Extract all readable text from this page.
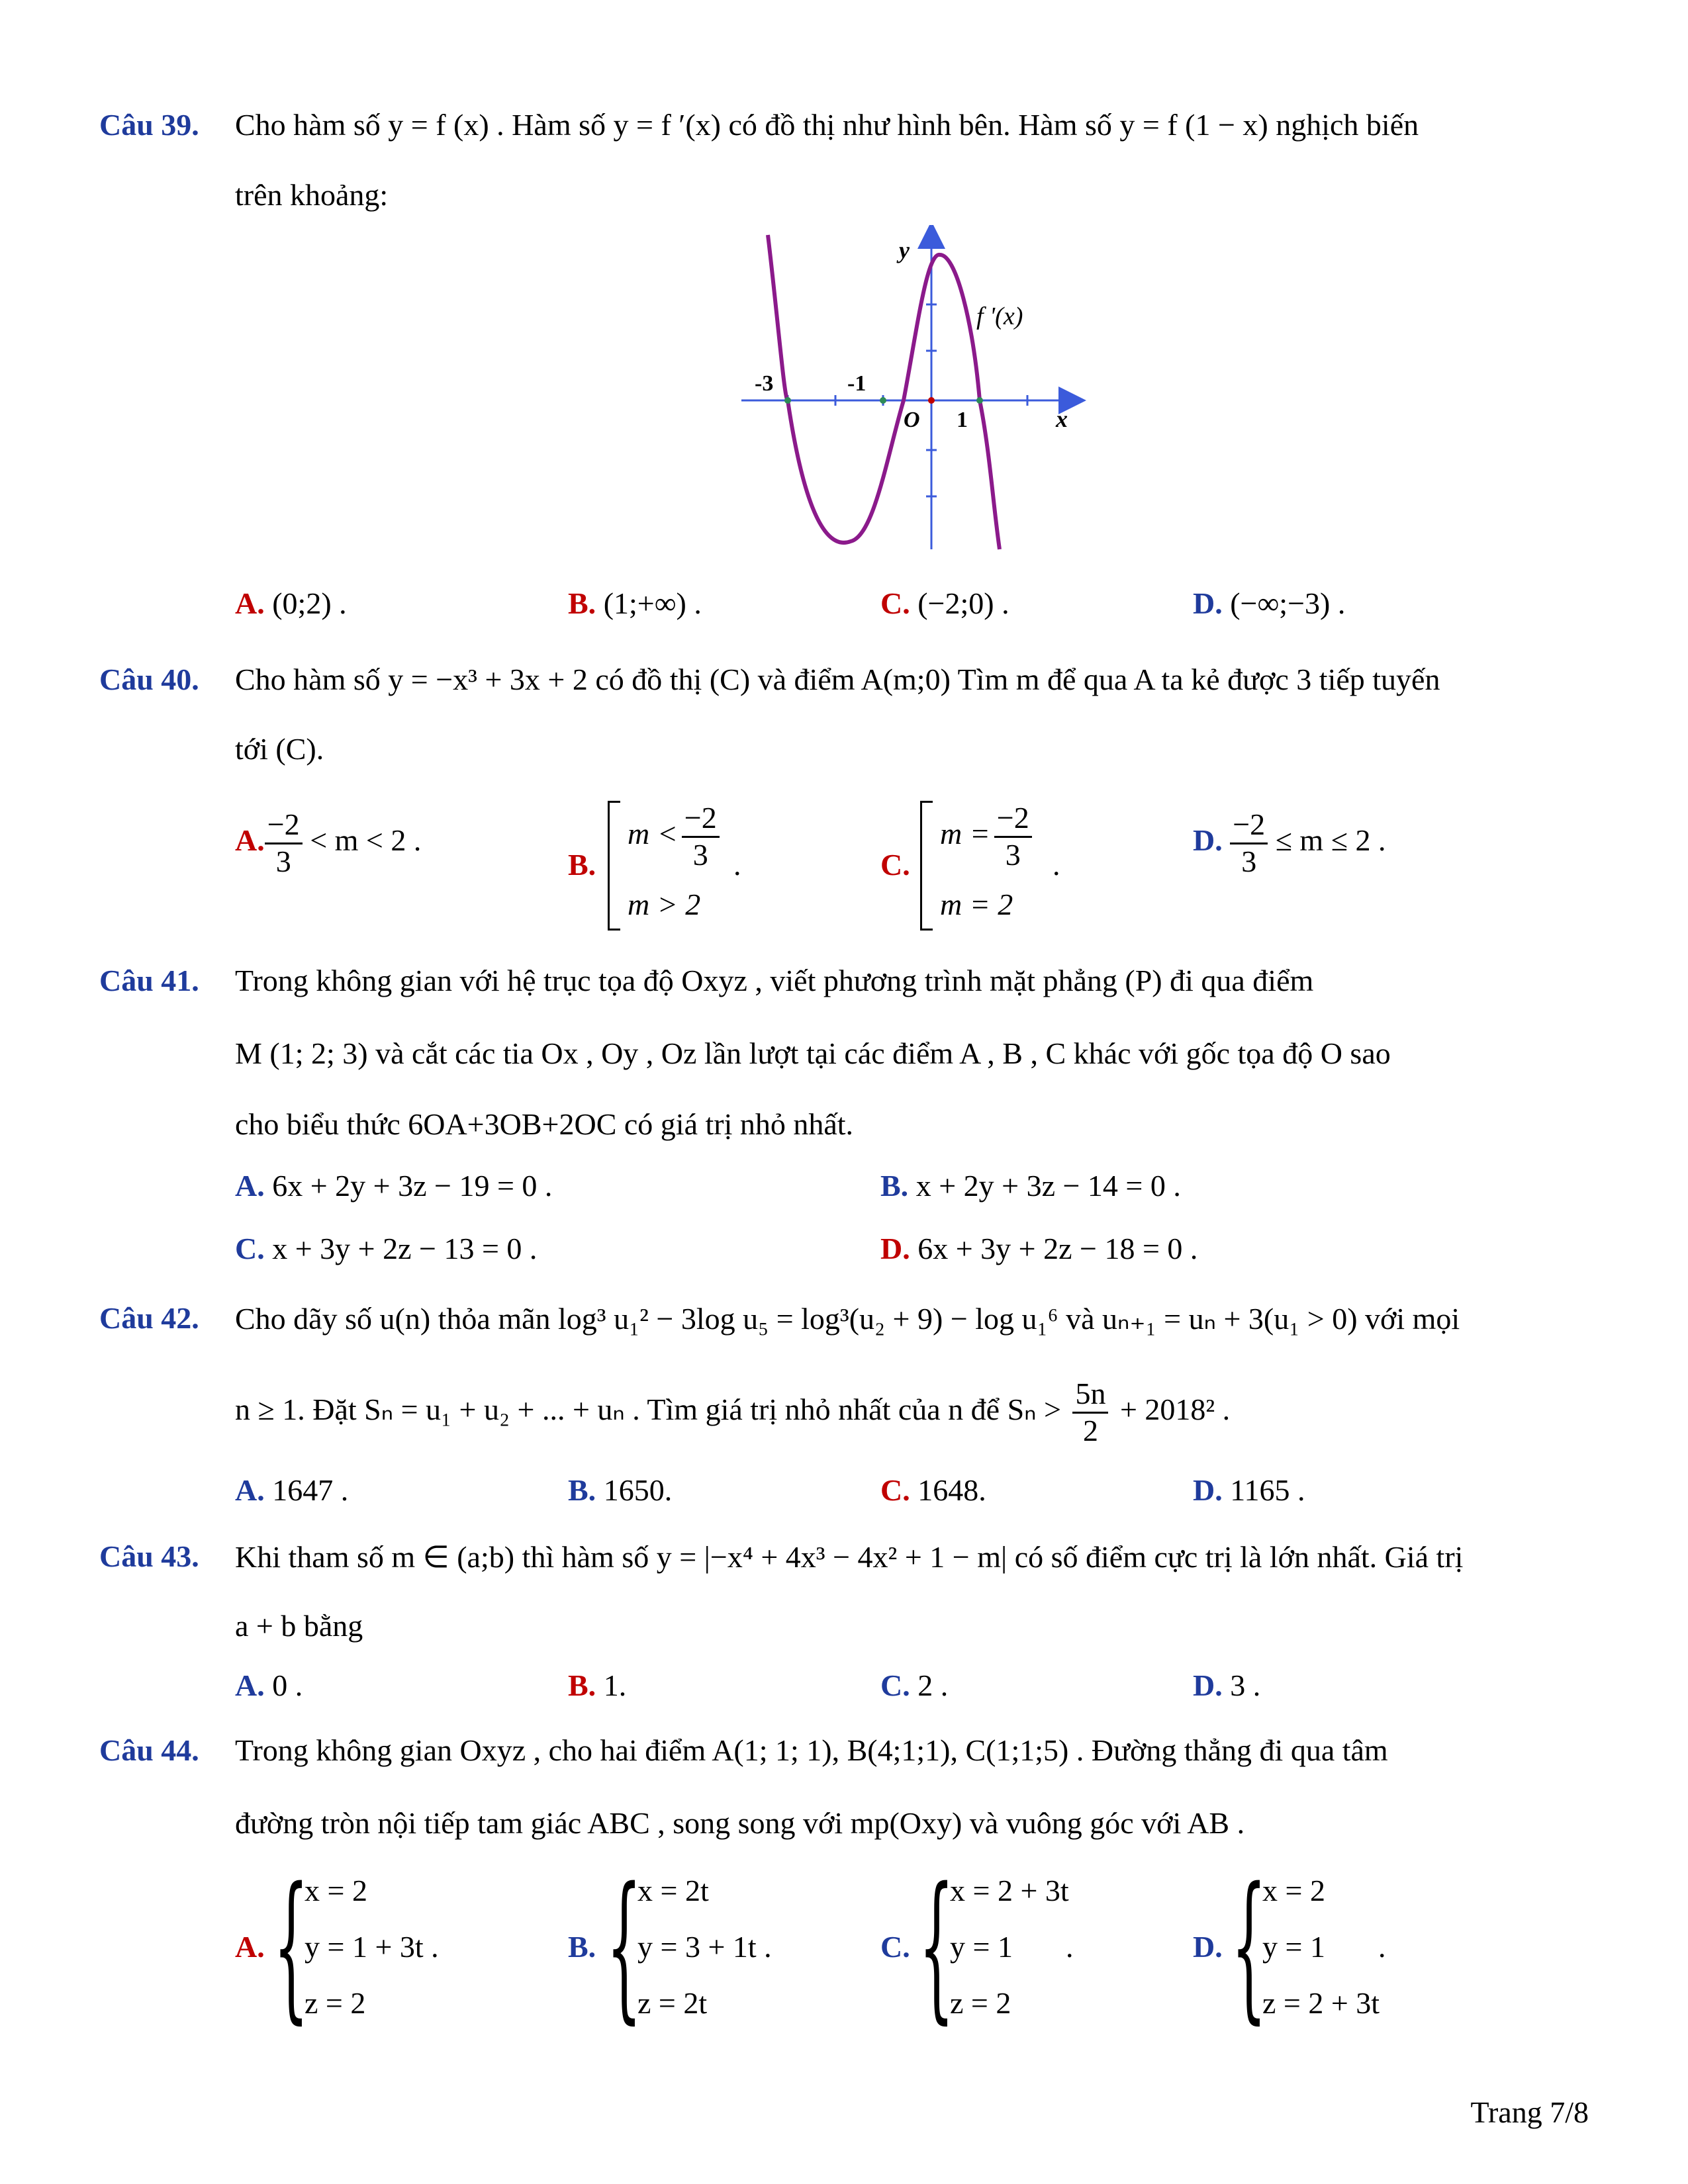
Câu 39. Cho hàm số y = f (x) . Hàm số y = f ′(x) có đồ thị như hình bên. Hàm số y = f (1 − x) nghịch biến
trên khoảng:
y
x
f '(x)
-3	-1
O 1
A. (0;2) .	B. (1;+∞) .	C. (−2;0) .	D. (−∞;−3) .
Câu 40. Cho hàm số y = −x³ + 3x + 2 có đồ thị (C) và điểm A(m;0) Tìm m để qua A ta kẻ được 3 tiếp tuyến
tới (C).
A. $\frac{-2}{3} < m < 2$ .
B.
$m < \frac{-2}{3}$
m > 2
.	C.
$m = \frac{-2}{3}$
m = 2
.
D. $\frac{-2}{3} \le m \le 2$ .
Câu 41. Trong không gian với hệ trục tọa độ Oxyz , viết phương trình mặt phẳng (P) đi qua điểm
M (1; 2; 3) và cắt các tia Ox , Oy , Oz lần lượt tại các điểm A , B , C khác với gốc tọa độ O sao
cho biểu thức 6OA+3OB+2OC có giá trị nhỏ nhất.
A. 6x + 2y + 3z − 19 = 0 .	B. x + 2y + 3z − 14 = 0 .
C. x + 3y + 2z − 13 = 0 .	D. 6x + 3y + 2z − 18 = 0 .
Câu 42. Cho dãy số u(n) thỏa mãn log³ u₁² − 3log u₅ = log³(u₂ + 9) − log u₁⁶ và uₙ₊₁ = uₙ + 3(u₁ > 0) với mọi
n ≥ 1. Đặt Sₙ = u₁ + u₂ + ... + uₙ . Tìm giá trị nhỏ nhất của n để $S_n > \frac{5n}{2} + 2018^2$ .
A. 1647 .	B. 1650.	C. 1648.	D. 1165 .
Câu 43. Khi tham số m ∈ (a;b) thì hàm số y = |−x⁴ + 4x³ − 4x² + 1 − m| có số điểm cực trị là lớn nhất. Giá trị
a + b bằng
A. 0 .	B. 1.	C. 2 .	D. 3 .
Câu 44. Trong không gian Oxyz , cho hai điểm A(1; 1; 1), B(4;1;1), C(1;1;5) . Đường thẳng đi qua tâm
đường tròn nội tiếp tam giác ABC , song song với mp(Oxy) và vuông góc với AB .
A. {
x = 2
y = 1 + 3t .
z = 2
B. {
x = 2t
y = 3 + 1t .
z = 2t
C. {
x = 2 + 3t
y = 1
z = 2
.	D. {
x = 2
y = 1
z = 2 + 3t
.
Trang 7/8
